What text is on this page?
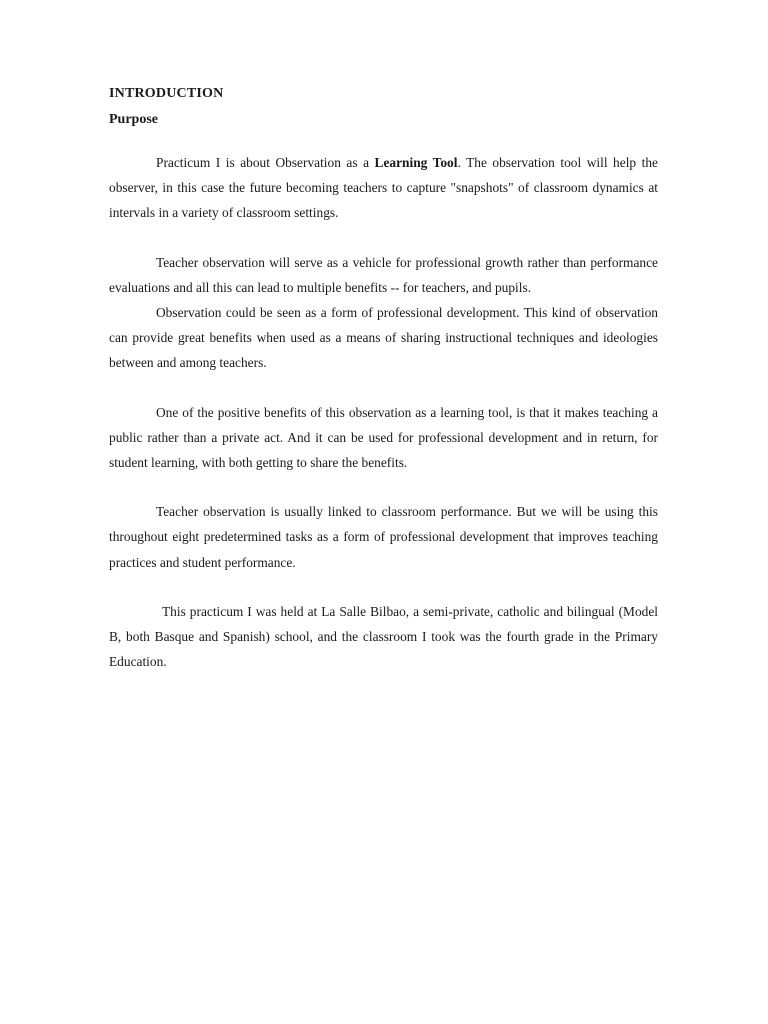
INTRODUCTION
Purpose

Practicum I is about Observation as a Learning Tool. The observation tool will help the observer, in this case the future becoming teachers to capture "snapshots" of classroom dynamics at intervals in a variety of classroom settings.

Teacher observation will serve as a vehicle for professional growth rather than performance evaluations and all this can lead to multiple benefits -- for teachers, and pupils.

Observation could be seen as a form of professional development. This kind of observation can provide great benefits when used as a means of sharing instructional techniques and ideologies between and among teachers.

One of the positive benefits of this observation as a learning tool, is that it makes teaching a public rather than a private act. And it can be used for professional development and in return, for student learning, with both getting to share the benefits.

Teacher observation is usually linked to classroom performance. But we will be using this throughout eight predetermined tasks as a form of professional development that improves teaching practices and student performance.

This practicum I was held at La Salle Bilbao, a semi-private, catholic and bilingual (Model B, both Basque and Spanish) school, and the classroom I took was the fourth grade in the Primary Education.
